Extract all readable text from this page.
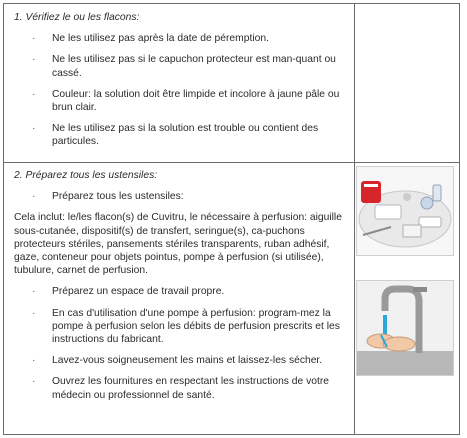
1. Vérifiez le ou les flacons:
· Ne les utilisez pas après la date de péremption.
· Ne les utilisez pas si le capuchon protecteur est man-quant ou cassé.
· Couleur: la solution doit être limpide et incolore à jaune pâle ou brun clair.
· Ne les utilisez pas si la solution est trouble ou contient des particules.
2. Préparez tous les ustensiles:
· Préparez tous les ustensiles:
Cela inclut: le/les flacon(s) de Cuvitru, le nécessaire à perfusion: aiguille sous-cutanée, dispositif(s) de transfert, seringue(s), ca-puchons protecteurs stériles, pansements stériles transparents, ruban adhésif, gaze, conteneur pour objets pointus, pompe à perfusion (si utilisée), tubulure, carnet de perfusion.
· Préparez un espace de travail propre.
· En cas d'utilisation d'une pompe à perfusion: program-mez la pompe à perfusion selon les débits de perfusion prescrits et les instructions du fabricant.
· Lavez-vous soigneusement les mains et laissez-les sécher.
· Ouvrez les fournitures en respectant les instructions de votre médecin ou professionnel de santé.
